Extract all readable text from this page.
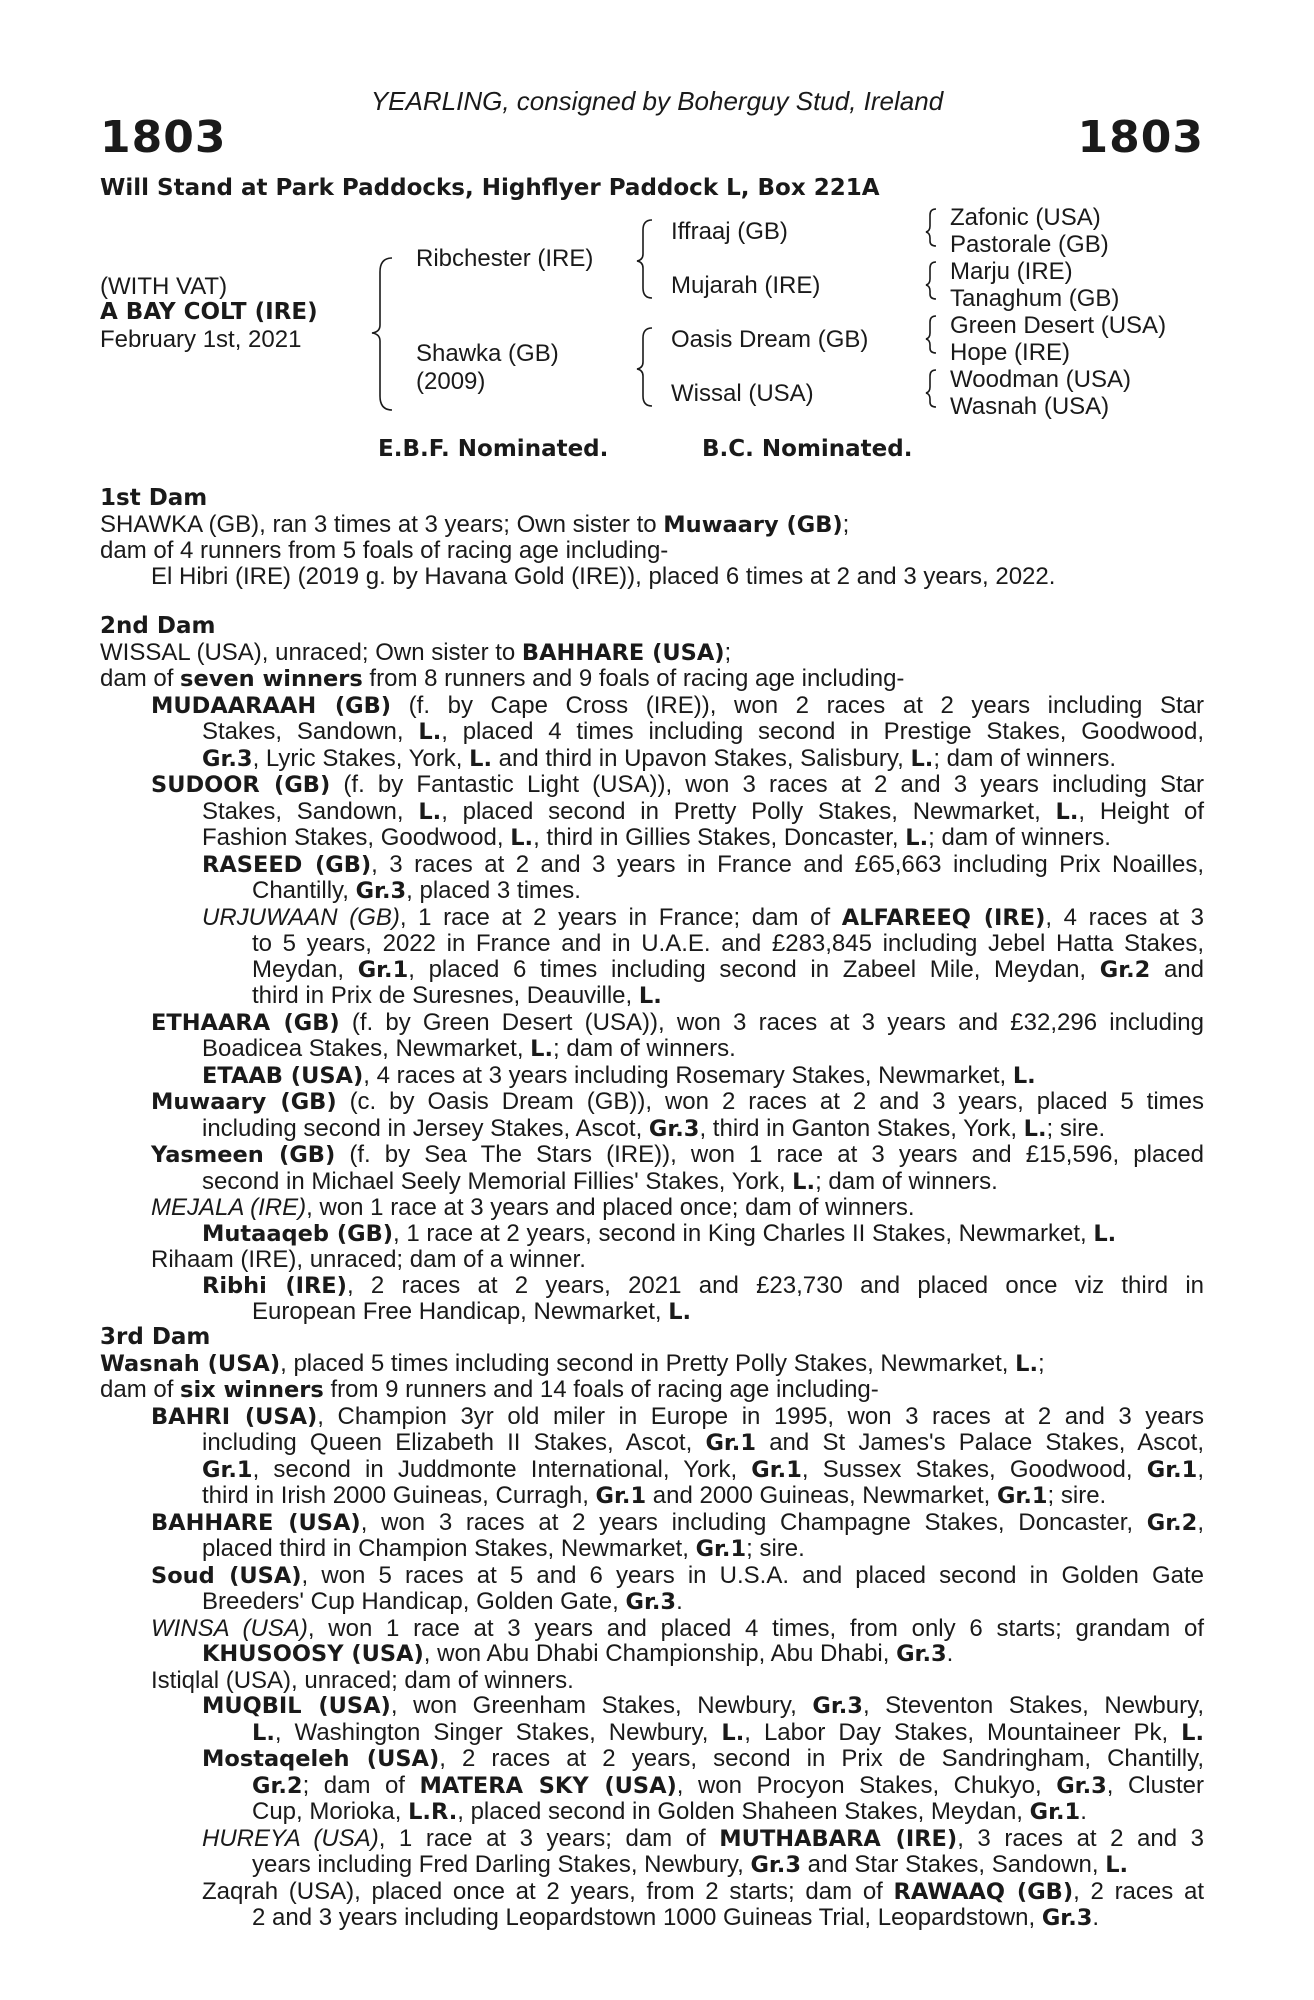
YEARLING, consigned by Boherguy Stud, Ireland
1803	1803
Will Stand at Park Paddocks, Highflyer Paddock L, Box 221A
(WITH VAT)
A BAY COLT (IRE)
February 1st, 2021
Ribchester (IRE)
Shawka (GB)
(2009)
Iffraaj (GB)
Mujarah (IRE)
Oasis Dream (GB)
Wissal (USA)
Zafonic (USA)
Pastorale (GB)
Marju (IRE)
Tanaghum (GB)
Green Desert (USA)
Hope (IRE)
Woodman (USA)
Wasnah (USA)
E.B.F. Nominated.	B.C. Nominated.
1st Dam
SHAWKA (GB), ran 3 times at 3 years; Own sister to Muwaary (GB);
dam of 4 runners from 5 foals of racing age including-
El Hibri (IRE) (2019 g. by Havana Gold (IRE)), placed 6 times at 2 and 3 years, 2022.
2nd Dam
WISSAL (USA), unraced; Own sister to BAHHARE (USA);
dam of seven winners from 8 runners and 9 foals of racing age including-
MUDAARAAH (GB) (f. by Cape Cross (IRE)), won 2 races at 2 years including Star
Stakes, Sandown, L., placed 4 times including second in Prestige Stakes, Goodwood,
Gr.3, Lyric Stakes, York, L. and third in Upavon Stakes, Salisbury, L.; dam of winners.
SUDOOR (GB) (f. by Fantastic Light (USA)), won 3 races at 2 and 3 years including Star
Stakes, Sandown, L., placed second in Pretty Polly Stakes, Newmarket, L., Height of
Fashion Stakes, Goodwood, L., third in Gillies Stakes, Doncaster, L.; dam of winners.
RASEED (GB), 3 races at 2 and 3 years in France and £65,663 including Prix Noailles,
Chantilly, Gr.3, placed 3 times.
URJUWAAN (GB), 1 race at 2 years in France; dam of ALFAREEQ (IRE), 4 races at 3
to 5 years, 2022 in France and in U.A.E. and £283,845 including Jebel Hatta Stakes,
Meydan, Gr.1, placed 6 times including second in Zabeel Mile, Meydan, Gr.2 and
third in Prix de Suresnes, Deauville, L.
ETHAARA (GB) (f. by Green Desert (USA)), won 3 races at 3 years and £32,296 including
Boadicea Stakes, Newmarket, L.; dam of winners.
ETAAB (USA), 4 races at 3 years including Rosemary Stakes, Newmarket, L.
Muwaary (GB) (c. by Oasis Dream (GB)), won 2 races at 2 and 3 years, placed 5 times
including second in Jersey Stakes, Ascot, Gr.3, third in Ganton Stakes, York, L.; sire.
Yasmeen (GB) (f. by Sea The Stars (IRE)), won 1 race at 3 years and £15,596, placed
second in Michael Seely Memorial Fillies' Stakes, York, L.; dam of winners.
MEJALA (IRE), won 1 race at 3 years and placed once; dam of winners.
Mutaaqeb (GB), 1 race at 2 years, second in King Charles II Stakes, Newmarket, L.
Rihaam (IRE), unraced; dam of a winner.
Ribhi (IRE), 2 races at 2 years, 2021 and £23,730 and placed once viz third in
European Free Handicap, Newmarket, L.
3rd Dam
Wasnah (USA), placed 5 times including second in Pretty Polly Stakes, Newmarket, L.;
dam of six winners from 9 runners and 14 foals of racing age including-
BAHRI (USA), Champion 3yr old miler in Europe in 1995, won 3 races at 2 and 3 years
including Queen Elizabeth II Stakes, Ascot, Gr.1 and St James's Palace Stakes, Ascot,
Gr.1, second in Juddmonte International, York, Gr.1, Sussex Stakes, Goodwood, Gr.1,
third in Irish 2000 Guineas, Curragh, Gr.1 and 2000 Guineas, Newmarket, Gr.1; sire.
BAHHARE (USA), won 3 races at 2 years including Champagne Stakes, Doncaster, Gr.2,
placed third in Champion Stakes, Newmarket, Gr.1; sire.
Soud (USA), won 5 races at 5 and 6 years in U.S.A. and placed second in Golden Gate
Breeders' Cup Handicap, Golden Gate, Gr.3.
WINSA (USA), won 1 race at 3 years and placed 4 times, from only 6 starts; grandam of
KHUSOOSY (USA), won Abu Dhabi Championship, Abu Dhabi, Gr.3.
Istiqlal (USA), unraced; dam of winners.
MUQBIL (USA), won Greenham Stakes, Newbury, Gr.3, Steventon Stakes, Newbury,
L., Washington Singer Stakes, Newbury, L., Labor Day Stakes, Mountaineer Pk, L.
Mostaqeleh (USA), 2 races at 2 years, second in Prix de Sandringham, Chantilly,
Gr.2; dam of MATERA SKY (USA), won Procyon Stakes, Chukyo, Gr.3, Cluster
Cup, Morioka, L.R., placed second in Golden Shaheen Stakes, Meydan, Gr.1.
HUREYA (USA), 1 race at 3 years; dam of MUTHABARA (IRE), 3 races at 2 and 3
years including Fred Darling Stakes, Newbury, Gr.3 and Star Stakes, Sandown, L.
Zaqrah (USA), placed once at 2 years, from 2 starts; dam of RAWAAQ (GB), 2 races at
2 and 3 years including Leopardstown 1000 Guineas Trial, Leopardstown, Gr.3.
